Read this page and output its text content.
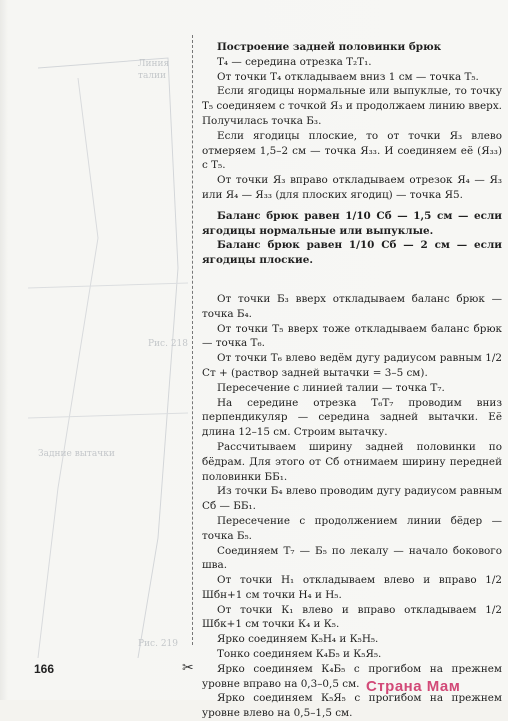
Линия талии
Рис. 218
Задние вытачки
Рис. 219
✂
Построение задней половинки брюк

Т₄ — середина отрезка Т₂Т₁.

От точки Т₄ откладываем вниз 1 см — точка Т₅.

Если ягодицы нормальные или выпуклые, то точку Т₅ соединяем с точкой Я₃ и продолжаем линию вверх. Получилась точка Б₃.

Если ягодицы плоские, то от точки Я₃ влево отмеряем 1,5–2 см — точка Я₃₃. И соединяем её (Я₃₃) с Т₅.

От точки Я₃ вправо откладываем отрезок Я₄ — Я₃ или Я₄ — Я₃₃ (для плоских ягодиц) — точка Я5.

Баланс брюк равен 1/10 Сб — 1,5 см — если ягодицы нормальные или выпуклые.

Баланс брюк равен 1/10 Сб — 2 см — если ягодицы плоские.

От точки Б₃ вверх откладываем баланс брюк — точка Б₄.

От точки Т₅ вверх тоже откладываем баланс брюк — точка Т₆.

От точки Т₆ влево ведём дугу радиусом равным 1/2 Ст + (раствор задней вытачки = 3–5 см).

Пересечение с линией талии — точка Т₇.

На середине отрезка Т₆Т₇ проводим вниз перпендикуляр — середина задней вытачки. Её длина 12–15 см. Строим вытачку.

Рассчитываем ширину задней половинки по бёдрам. Для этого от Сб отнимаем ширину передней половинки ББ₁.

Из точки Б₄ влево проводим дугу радиусом равным Сб — ББ₁.

Пересечение с продолжением линии бёдер — точка Б₅.

Соединяем Т₇ — Б₅ по лекалу — начало бокового шва.

От точки Н₁ откладываем влево и вправо 1/2 Шбн+1 см точки Н₄ и Н₅.

От точки К₁ влево и вправо откладываем 1/2 Шбк+1 см точки К₄ и К₅.

Ярко соединяем К₅Н₄ и К₅Н₅.

Тонко соединяем К₄Б₅ и К₅Я₅.

Ярко соединяем К₄Б₅ с прогибом на прежнем уровне вправо на 0,3–0,5 см.

Ярко соединяем К₅Я₅ с прогибом на прежнем уровне влево на 0,5–1,5 см.

166
Страна Мам
